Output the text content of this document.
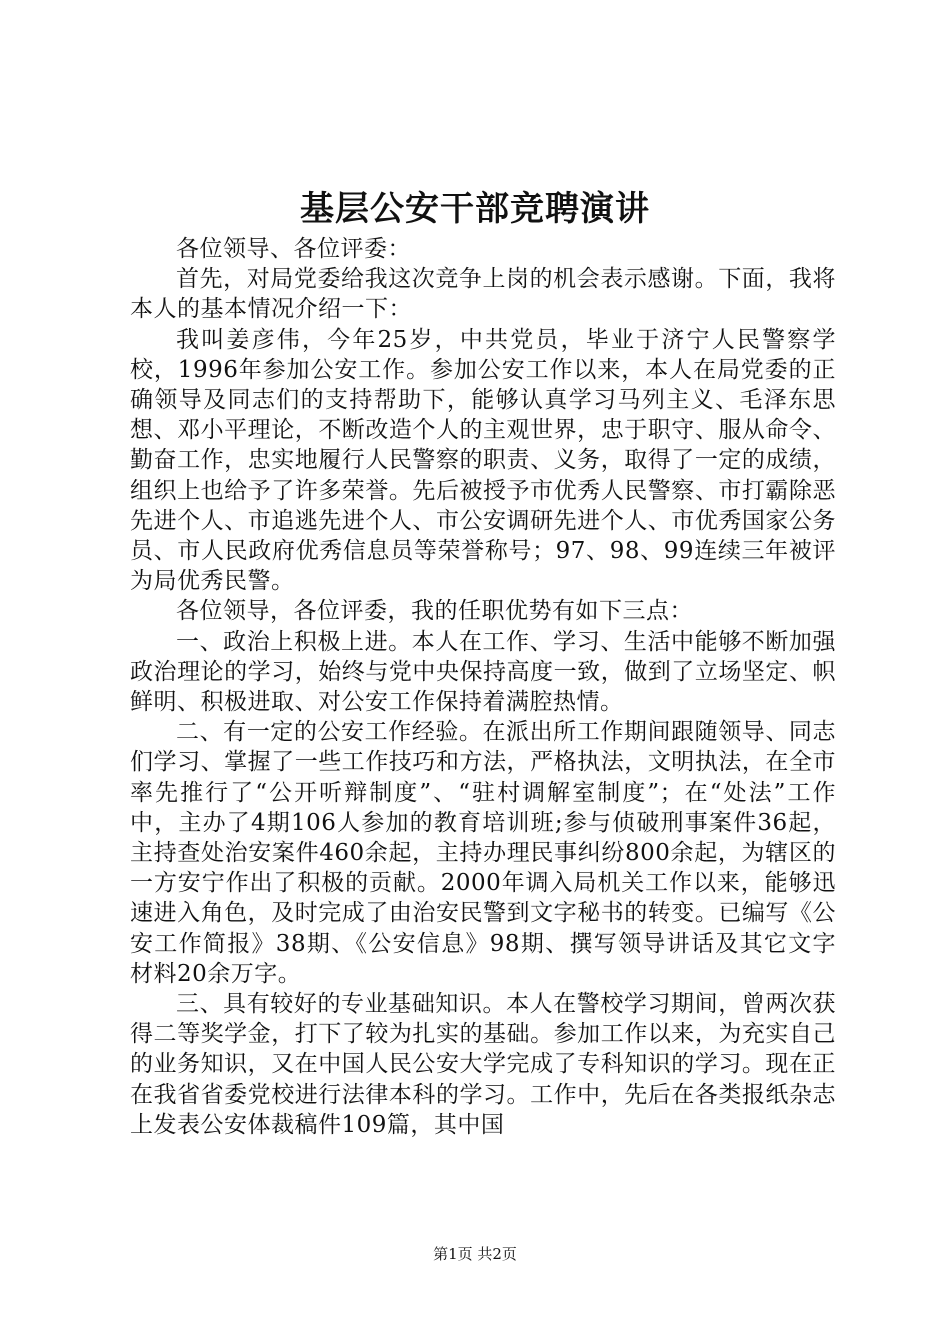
基层公安干部竞聘演讲

各位领导、各位评委：

首先，对局党委给我这次竞争上岗的机会表示感谢。下面，我将本人的基本情况介绍一下：

我叫姜彦伟，今年25岁，中共党员，毕业于济宁人民警察学校，1996年参加公安工作。参加公安工作以来，本人在局党委的正确领导及同志们的支持帮助下，能够认真学习马列主义、毛泽东思想、邓小平理论，不断改造个人的主观世界，忠于职守、服从命令、勤奋工作，忠实地履行人民警察的职责、义务，取得了一定的成绩，组织上也给予了许多荣誉。先后被授予市优秀人民警察、市打霸除恶先进个人、市追逃先进个人、市公安调研先进个人、市优秀国家公务员、市人民政府优秀信息员等荣誉称号；97、98、99连续三年被评为局优秀民警。

各位领导，各位评委，我的任职优势有如下三点：

一、政治上积极上进。本人在工作、学习、生活中能够不断加强政治理论的学习，始终与党中央保持高度一致，做到了立场坚定、帜鲜明、积极进取、对公安工作保持着满腔热情。

二、有一定的公安工作经验。在派出所工作期间跟随领导、同志们学习、掌握了一些工作技巧和方法，严格执法，文明执法，在全市率先推行了“公开听辩制度”、“驻村调解室制度”；在“处法”工作中，主办了4期106人参加的教育培训班;参与侦破刑事案件36起，主持查处治安案件460余起，主持办理民事纠纷800余起，为辖区的一方安宁作出了积极的贡献。2000年调入局机关工作以来，能够迅速进入角色，及时完成了由治安民警到文字秘书的转变。已编写《公安工作简报》38期、《公安信息》98期、撰写领导讲话及其它文字材料20余万字。

三、具有较好的专业基础知识。本人在警校学习期间，曾两次获得二等奖学金，打下了较为扎实的基础。参加工作以来，为充实自己的业务知识，又在中国人民公安大学完成了专科知识的学习。现在正在我省省委党校进行法律本科的学习。工作中，先后在各类报纸杂志上发表公安体裁稿件109篇，其中国

第1页 共2页
